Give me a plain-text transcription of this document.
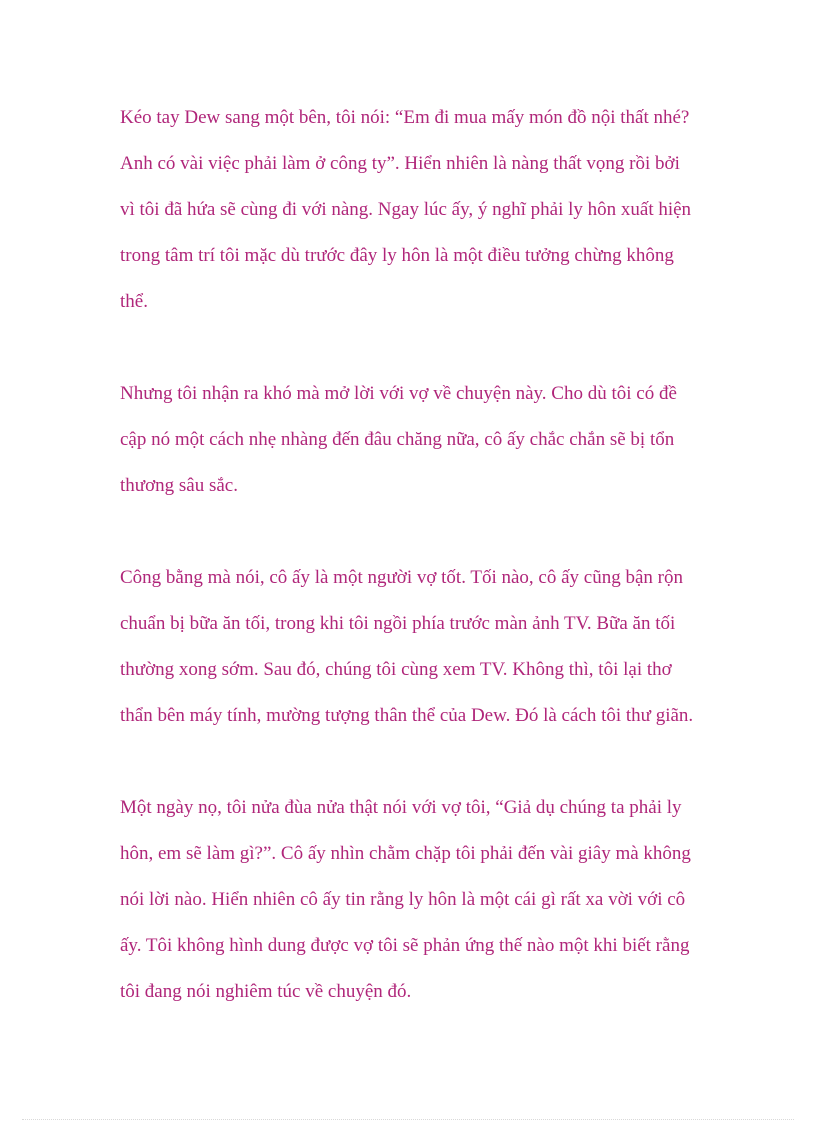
Kéo tay Dew sang một bên, tôi nói: “Em đi mua mấy món đồ nội thất nhé? Anh có vài việc phải làm ở công ty”. Hiển nhiên là nàng thất vọng rồi bởi vì tôi đã hứa sẽ cùng đi với nàng. Ngay lúc ấy, ý nghĩ phải ly hôn xuất hiện trong tâm trí tôi mặc dù trước đây ly hôn là một điều tưởng chừng không thể.

Nhưng tôi nhận ra khó mà mở lời với vợ về chuyện này. Cho dù tôi có đề cập nó một cách nhẹ nhàng đến đâu chăng nữa, cô ấy chắc chắn sẽ bị tổn thương sâu sắc.

Công bằng mà nói, cô ấy là một người vợ tốt. Tối nào, cô ấy cũng bận rộn chuẩn bị bữa ăn tối, trong khi tôi ngồi phía trước màn ảnh TV. Bữa ăn tối thường xong sớm. Sau đó, chúng tôi cùng xem TV. Không thì, tôi lại thơ thẩn bên máy tính, mường tượng thân thể của Dew. Đó là cách tôi thư giãn.

Một ngày nọ, tôi nửa đùa nửa thật nói với vợ tôi, “Giả dụ chúng ta phải ly hôn, em sẽ làm gì?”. Cô ấy nhìn chằm chặp tôi phải đến vài giây mà không nói lời nào. Hiển nhiên cô ấy tin rằng ly hôn là một cái gì rất xa vời với cô ấy. Tôi không hình dung được vợ tôi sẽ phản ứng thế nào một khi biết rằng tôi đang nói nghiêm túc về chuyện đó.
